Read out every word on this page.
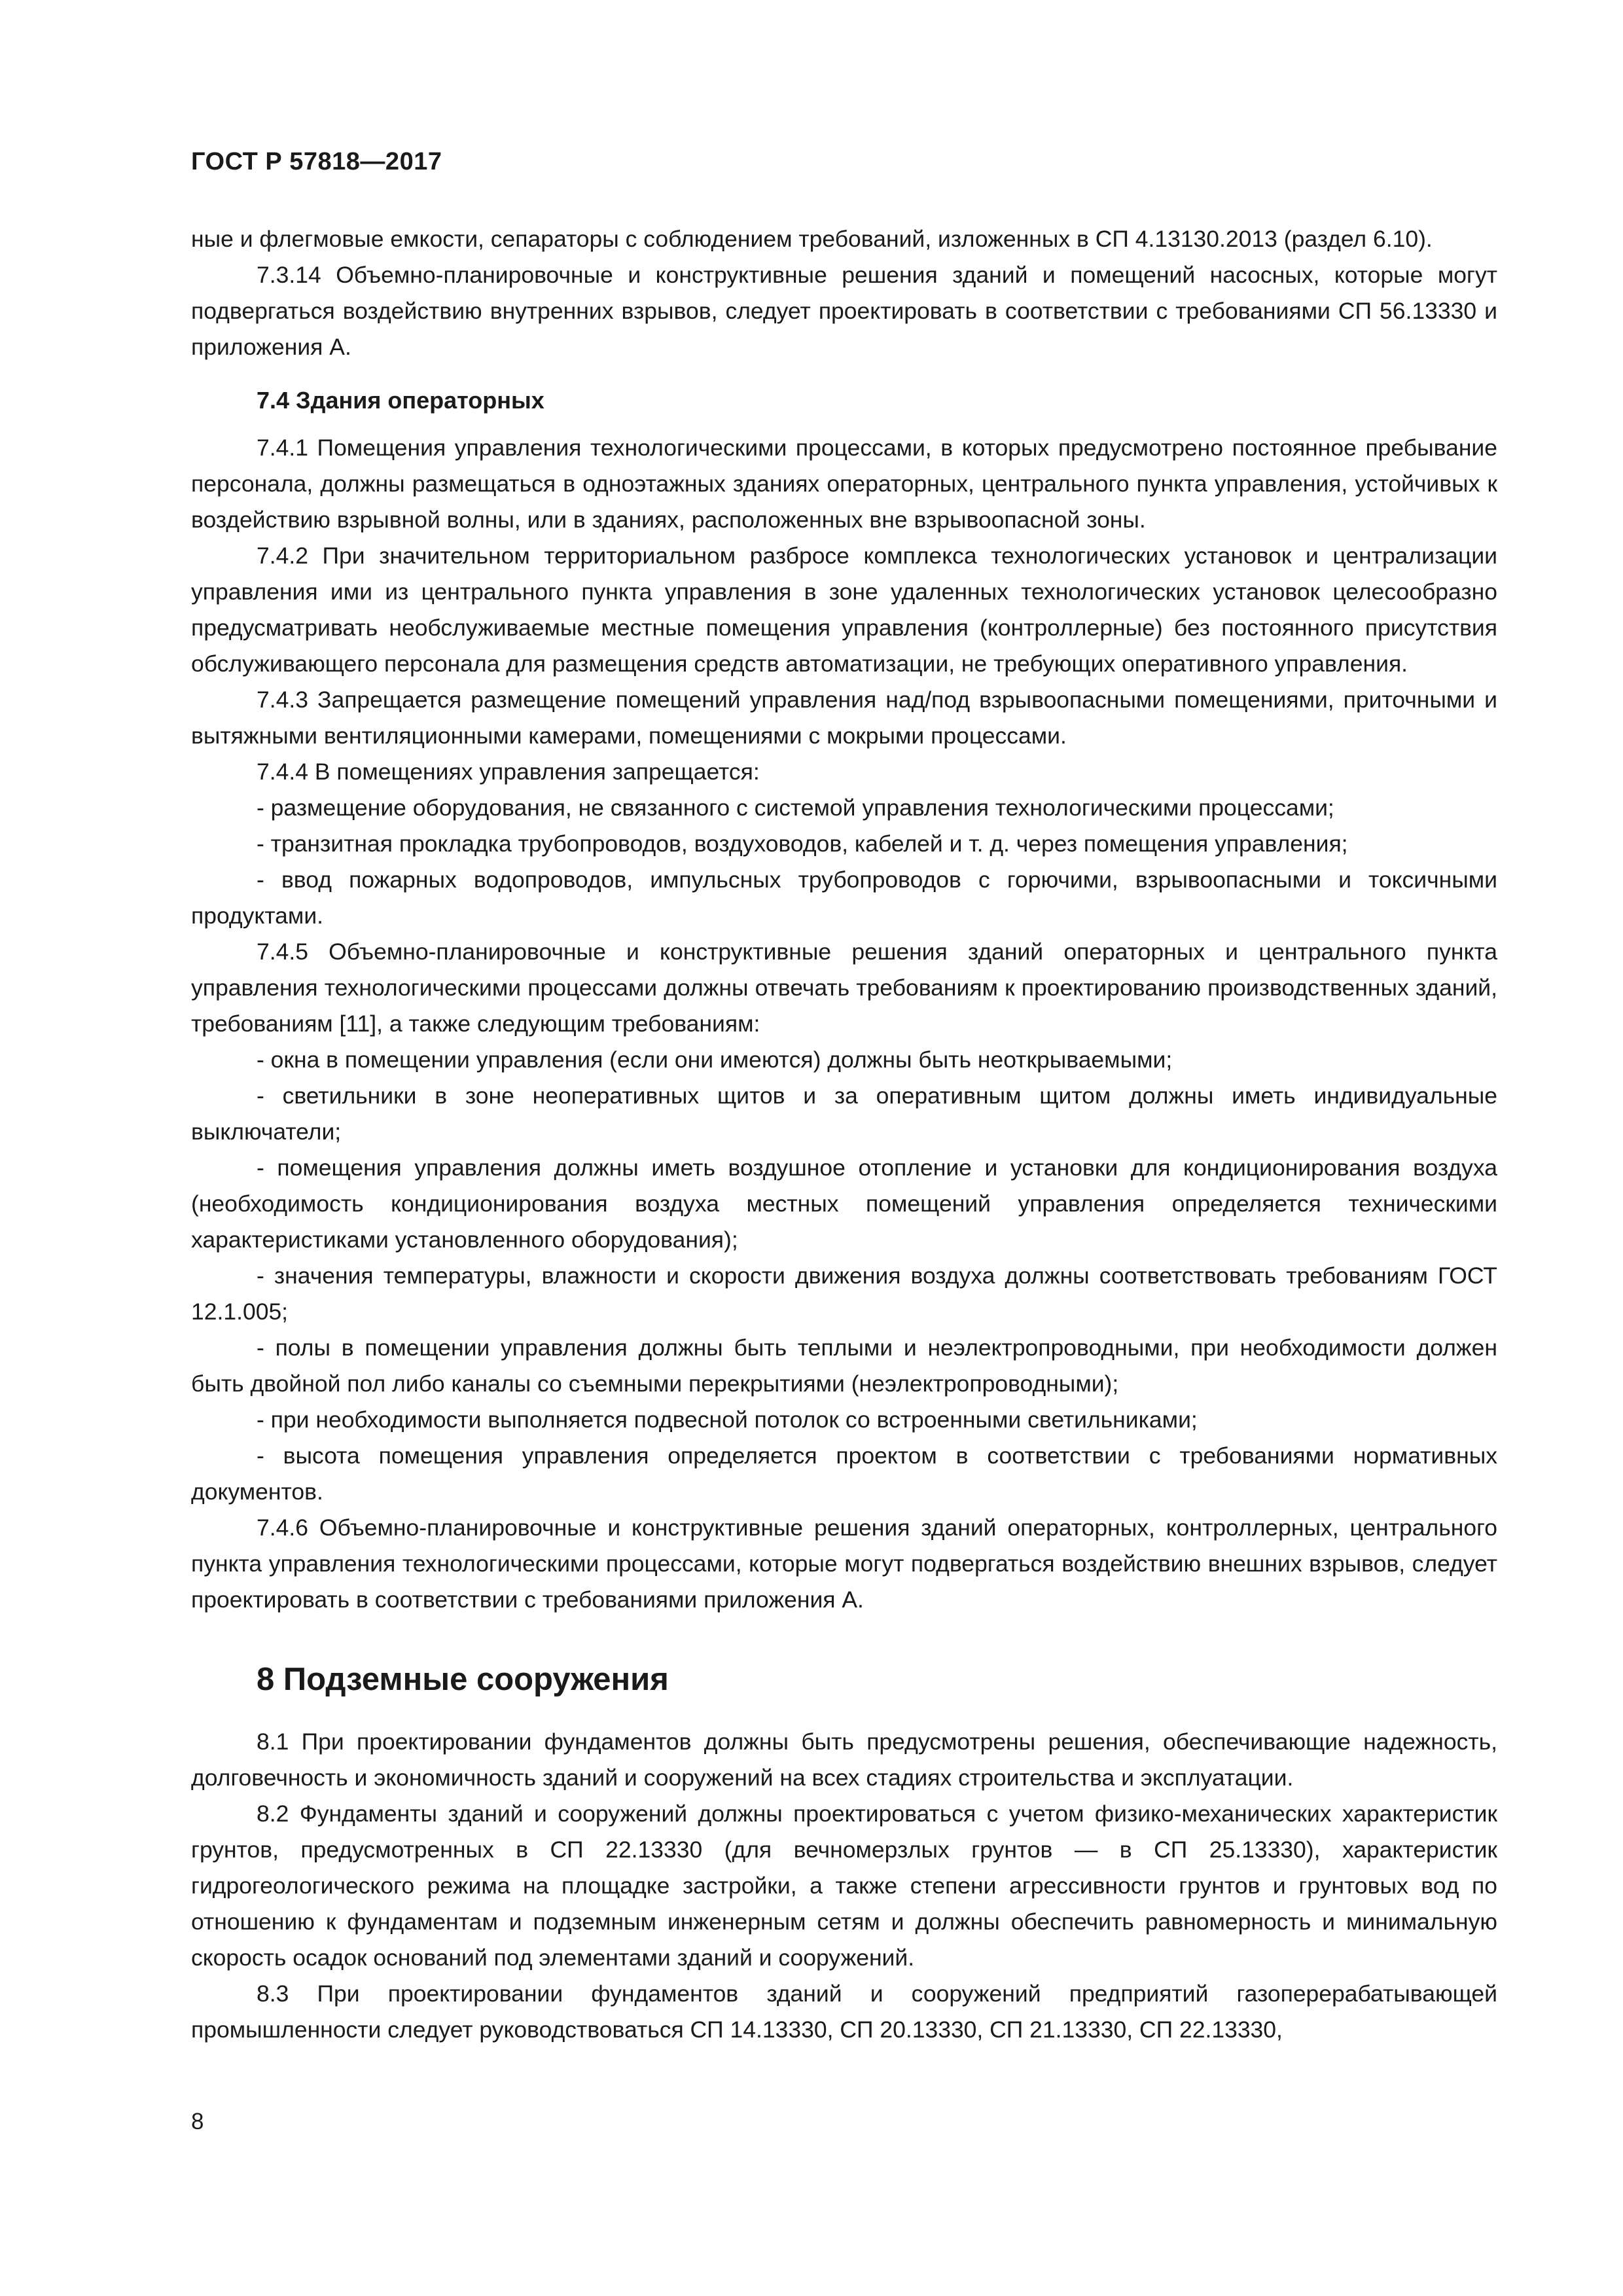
ГОСТ Р 57818—2017

ные и флегмовые емкости, сепараторы с соблюдением требований, изложенных в СП 4.13130.2013 (раздел 6.10).

7.3.14 Объемно-планировочные и конструктивные решения зданий и помещений насосных, которые могут подвергаться воздействию внутренних взрывов, следует проектировать в соответствии с требованиями СП 56.13330 и приложения А.

7.4 Здания операторных

7.4.1 Помещения управления технологическими процессами, в которых предусмотрено постоянное пребывание персонала, должны размещаться в одноэтажных зданиях операторных, центрального пункта управления, устойчивых к воздействию взрывной волны, или в зданиях, расположенных вне взрывоопасной зоны.

7.4.2 При значительном территориальном разбросе комплекса технологических установок и централизации управления ими из центрального пункта управления в зоне удаленных технологических установок целесообразно предусматривать необслуживаемые местные помещения управления (контроллерные) без постоянного присутствия обслуживающего персонала для размещения средств автоматизации, не требующих оперативного управления.

7.4.3 Запрещается размещение помещений управления над/под взрывоопасными помещениями, приточными и вытяжными вентиляционными камерами, помещениями с мокрыми процессами.

7.4.4 В помещениях управления запрещается:

- размещение оборудования, не связанного с системой управления технологическими процессами;

- транзитная прокладка трубопроводов, воздуховодов, кабелей и т. д. через помещения управления;

- ввод пожарных водопроводов, импульсных трубопроводов с горючими, взрывоопасными и токсичными продуктами.

7.4.5 Объемно-планировочные и конструктивные решения зданий операторных и центрального пункта управления технологическими процессами должны отвечать требованиям к проектированию производственных зданий, требованиям [11], а также следующим требованиям:

- окна в помещении управления (если они имеются) должны быть неоткрываемыми;

- светильники в зоне неоперативных щитов и за оперативным щитом должны иметь индивидуальные выключатели;

- помещения управления должны иметь воздушное отопление и установки для кондиционирования воздуха (необходимость кондиционирования воздуха местных помещений управления определяется техническими характеристиками установленного оборудования);

- значения температуры, влажности и скорости движения воздуха должны соответствовать требованиям ГОСТ 12.1.005;

- полы в помещении управления должны быть теплыми и неэлектропроводными, при необходимости должен быть двойной пол либо каналы со съемными перекрытиями (неэлектропроводными);

- при необходимости выполняется подвесной потолок со встроенными светильниками;

- высота помещения управления определяется проектом в соответствии с требованиями нормативных документов.

7.4.6 Объемно-планировочные и конструктивные решения зданий операторных, контроллерных, центрального пункта управления технологическими процессами, которые могут подвергаться воздействию внешних взрывов, следует проектировать в соответствии с требованиями приложения А.

8 Подземные сооружения

8.1 При проектировании фундаментов должны быть предусмотрены решения, обеспечивающие надежность, долговечность и экономичность зданий и сооружений на всех стадиях строительства и эксплуатации.

8.2 Фундаменты зданий и сооружений должны проектироваться с учетом физико-механических характеристик грунтов, предусмотренных в СП 22.13330 (для вечномерзлых грунтов — в СП 25.13330), характеристик гидрогеологического режима на площадке застройки, а также степени агрессивности грунтов и грунтовых вод по отношению к фундаментам и подземным инженерным сетям и должны обеспечить равномерность и минимальную скорость осадок оснований под элементами зданий и сооружений.

8.3 При проектировании фундаментов зданий и сооружений предприятий газоперерабатывающей промышленности следует руководствоваться СП 14.13330, СП 20.13330, СП 21.13330, СП 22.13330,

8
